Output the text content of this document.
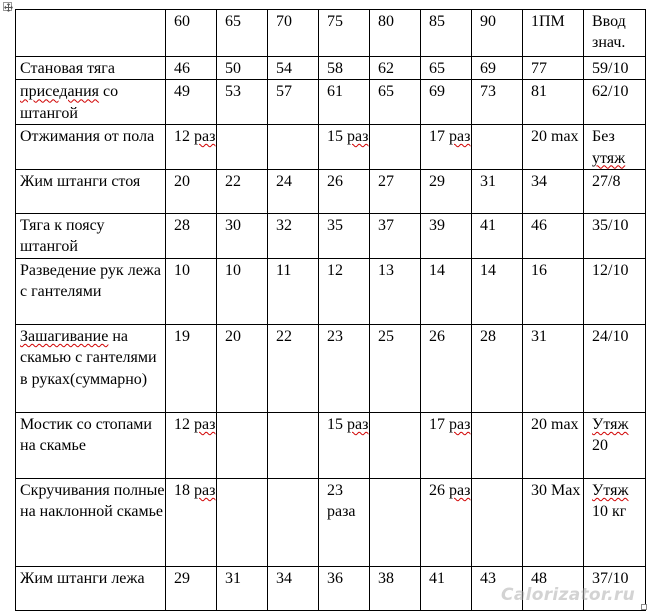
	60	65	70	75	80	85	90	1ПМ	Ввод знач.
Становая тяга	46	50	54	58	62	65	69	77	59/10
приседания со штангой	49	53	57	61	65	69	73	81	62/10
Отжимания от пола	12 раз			15 раз		17 раз		20 max	Без утяж
Жим штанги стоя	20	22	24	26	27	29	31	34	27/8
Тяга к поясу штангой	28	30	32	35	37	39	41	46	35/10
Разведение рук лежа с гантелями	10	10	11	12	13	14	14	16	12/10
Зашагивание на скамью с гантелями в руках(суммарно)	19	20	22	23	25	26	28	31	24/10
Мостик со стопами на скамье	12 раз			15 раз		17 раз		20 max	Утяж 20
Скручивания полные на наклонной скамье	18 раз			23 раза		26 раз		30 Max	Утяж 10 кг
Жим штанги лежа	29	31	34	36	38	41	43	48	37/10
Calorizator.ru
